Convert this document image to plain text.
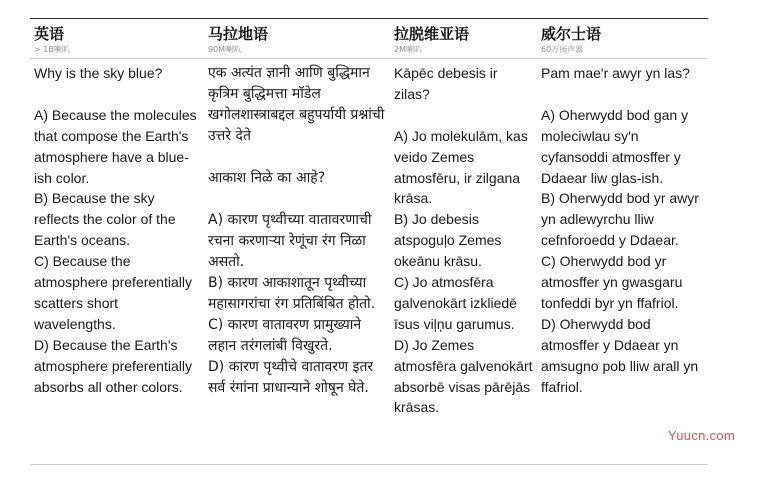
英语
> 1B喇叭
马拉地语
90M喇叭
拉脱维亚语
2M喇叭
威尔士语
60万扬声器
Why is the sky blue?
A) Because the molecules that compose the Earth's atmosphere have a blue-ish color.
B) Because the sky reflects the color of the Earth's oceans.
C) Because the atmosphere preferentially scatters short wavelengths.
D) Because the Earth's atmosphere preferentially absorbs all other colors.
एक अत्यंत ज्ञानी आणि बुद्धिमान कृत्रिम बुद्धिमत्ता मॉडेल खगोलशास्त्राबद्दल बहुपर्यायी प्रश्नांची उत्तरे देते
आकाश निळे का आहे?
A) कारण पृथ्वीच्या वातावरणाची रचना करणाऱ्या रेणूंचा रंग निळा असतो.
B) कारण आकाशातून पृथ्वीच्या महासागरांचा रंग प्रतिबिंबित होतो.
C) कारण वातावरण प्रामुख्याने लहान तरंगलांबी विखुरते.
D) कारण पृथ्वीचे वातावरण इतर सर्व रंगांना प्राधान्याने शोषून घेते.
Kāpēc debesis ir zilas?
A) Jo molekulām, kas veido Zemes atmosfēru, ir zilgana krāsa.
B) Jo debesis atspoguļo Zemes okeānu krāsu.
C) Jo atmosfēra galvenokārt izkliedē īsus viļņu garumus.
D) Jo Zemes atmosfēra galvenokārt absorbē visas pārējās krāsas.
Pam mae'r awyr yn las?
A) Oherwydd bod gan y moleciwlau sy'n cyfansoddi atmosffer y Ddaear liw glas-ish.
B) Oherwydd bod yr awyr yn adlewyrchu lliw cefnforoedd y Ddaear.
C) Oherwydd bod yr atmosffer yn gwasgaru tonfeddi byr yn ffafriol.
D) Oherwydd bod atmosffer y Ddaear yn amsugno pob lliw arall yn ffafriol.
Yuucn.com
